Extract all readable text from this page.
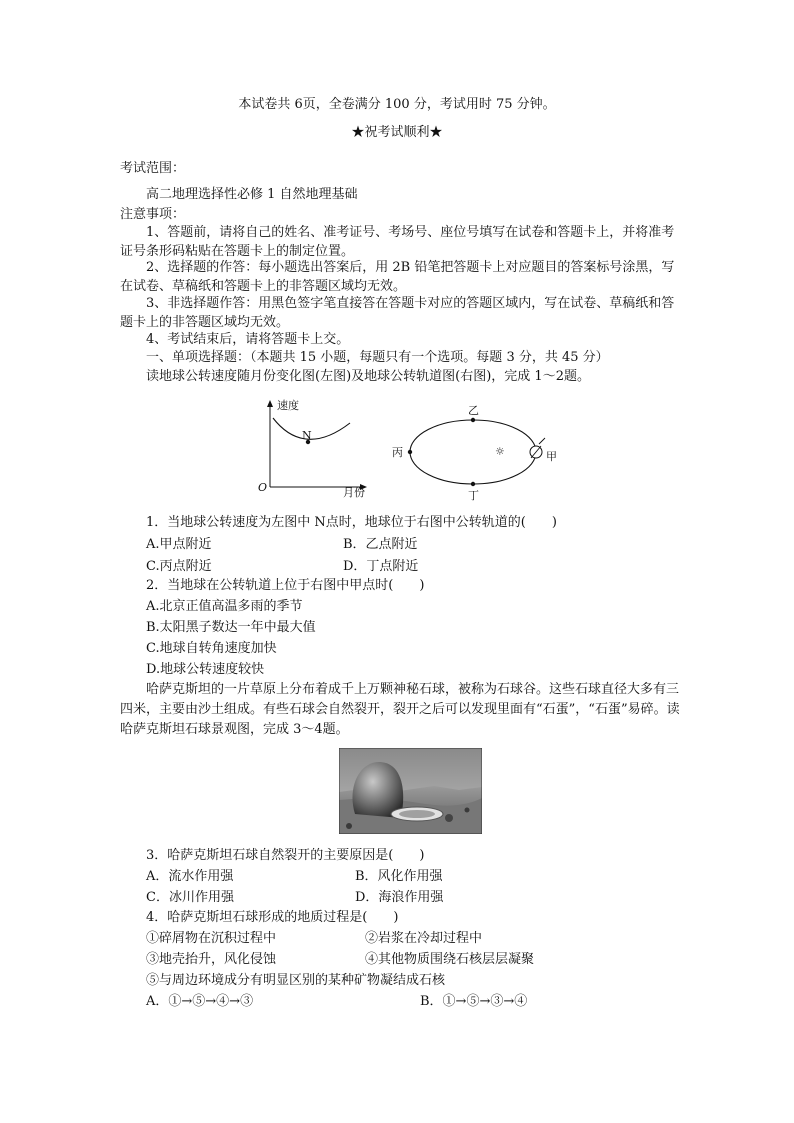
本试卷共 6页，全卷满分 100 分，考试用时 75 分钟。
★祝考试顺利★
考试范围：
高二地理选择性必修 1 自然地理基础
注意事项：
1、答题前，请将自己的姓名、准考证号、考场号、座位号填写在试卷和答题卡上，并将准考证号条形码粘贴在答题卡上的制定位置。
2、选择题的作答：每小题选出答案后，用 2B 铅笔把答题卡上对应题目的答案标号涂黑，写在试卷、草稿纸和答题卡上的非答题区域均无效。
3、非选择题作答：用黑色签字笔直接答在答题卡对应的答题区域内，写在试卷、草稿纸和答题卡上的非答题区域均无效。
4、考试结束后，请将答题卡上交。
一、单项选择题：（本题共 15 小题，每题只有一个选项。每题 3 分，共 45 分）
读地球公转速度随月份变化图(左图)及地球公转轨道图(右图)，完成 1～2题。
速度
月份
O
N
☼
乙
丙	甲
丁
1．当地球公转速度为左图中 N点时，地球位于右图中公转轨道的(　　)
A.甲点附近	B．乙点附近
C.丙点附近	D．丁点附近
2．当地球在公转轨道上位于右图中甲点时(　　)
A.北京正值高温多雨的季节
B.太阳黑子数达一年中最大值
C.地球自转角速度加快
D.地球公转速度较快
哈萨克斯坦的一片草原上分布着成千上万颗神秘石球，被称为石球谷。这些石球直径大多有三四米，主要由沙土组成。有些石球会自然裂开，裂开之后可以发现里面有“石蛋”，“石蛋”易碎。读哈萨克斯坦石球景观图，完成 3～4题。
3．哈萨克斯坦石球自然裂开的主要原因是(　　)
A．流水作用强	B．风化作用强
C．冰川作用强	D．海浪作用强
4．哈萨克斯坦石球形成的地质过程是(　　)
①碎屑物在沉积过程中	②岩浆在冷却过程中
③地壳抬升，风化侵蚀	④其他物质围绕石核层层凝聚
⑤与周边环境成分有明显区别的某种矿物凝结成石核
A．①→⑤→④→③	B．①→⑤→③→④
